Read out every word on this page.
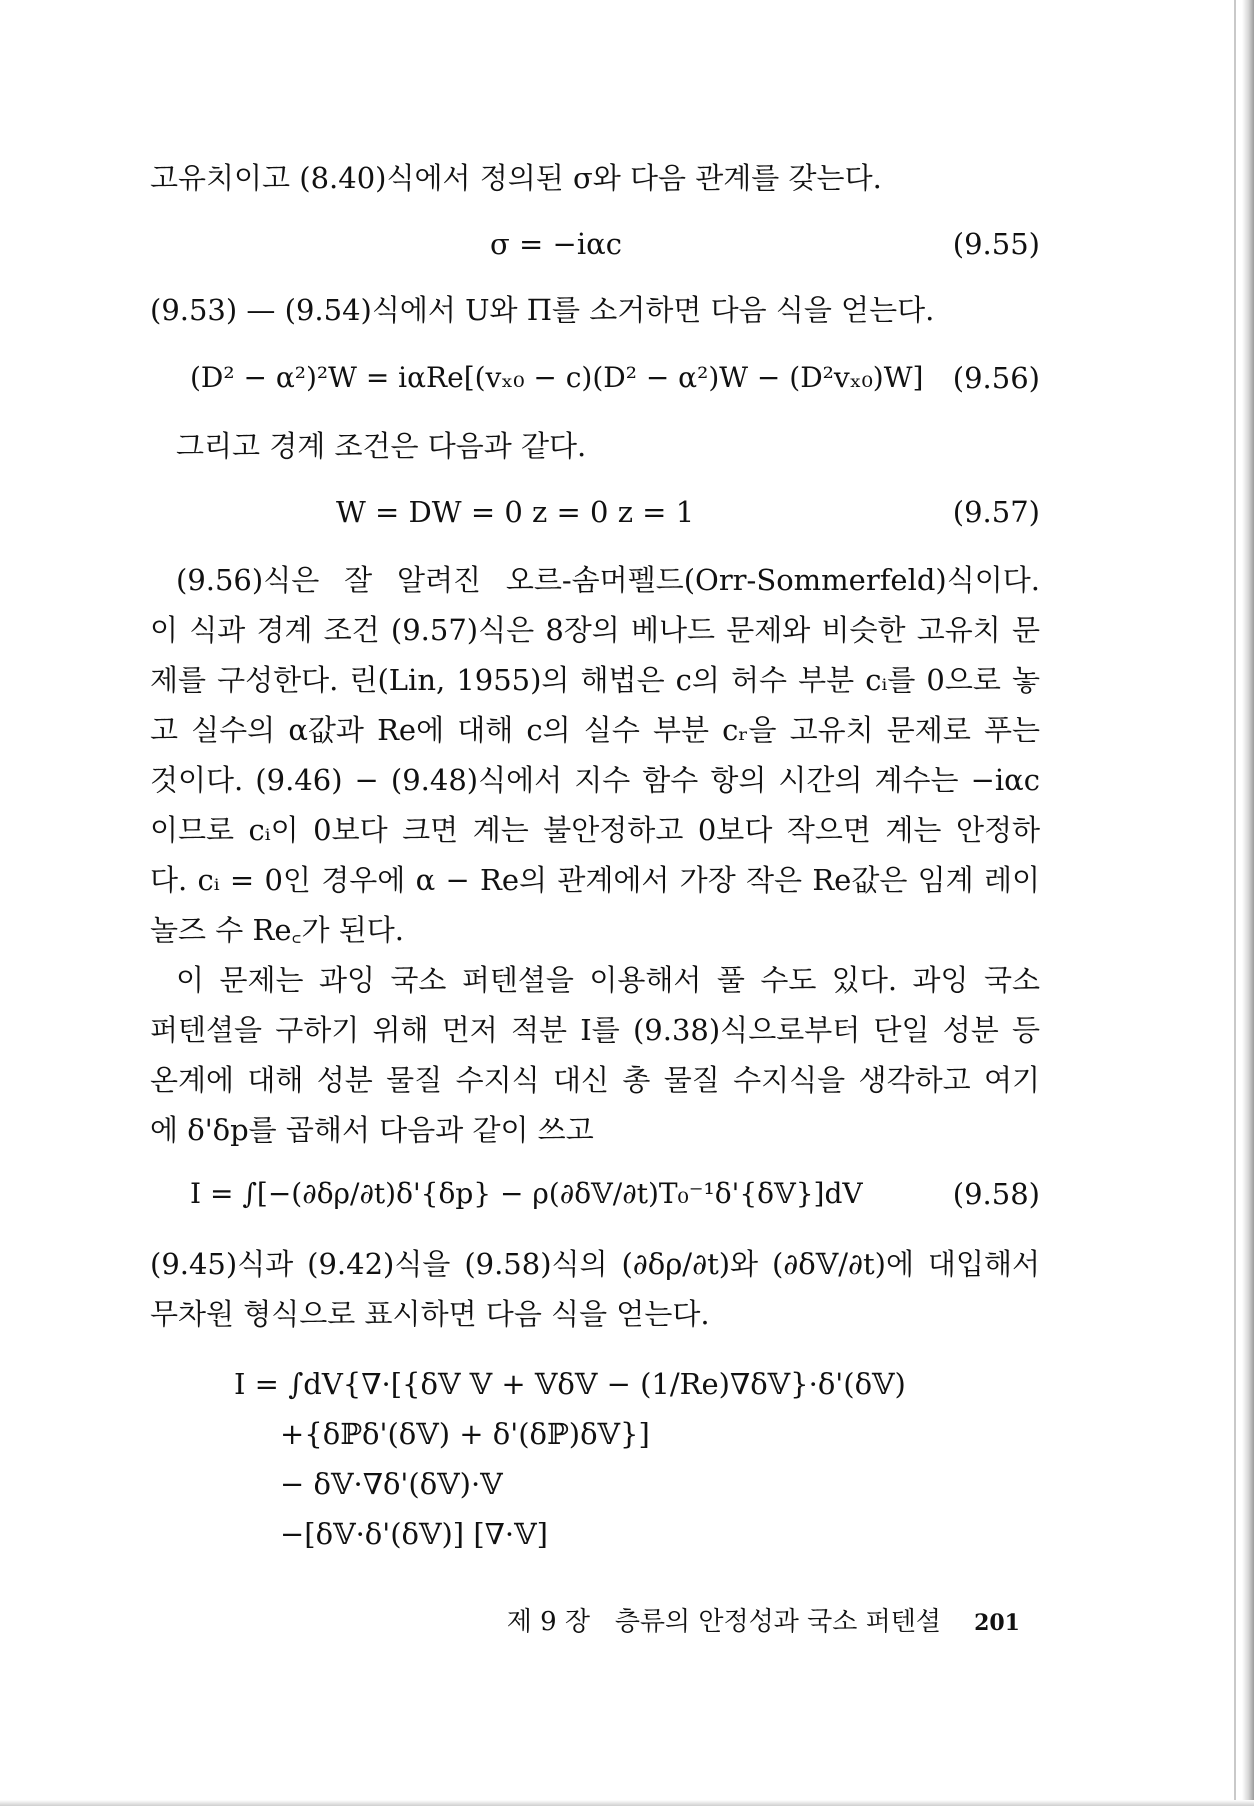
고유치이고 (8.40)식에서 정의된 σ와 다음 관계를 갖는다.
σ = −iαc	(9.55)
(9.53) — (9.54)식에서 U와 Π를 소거하면 다음 식을 얻는다.
(D² − α²)²W = iαRe[(vₓ₀ − c)(D² − α²)W − (D²vₓ₀)W] (9.56)
그리고 경계 조건은 다음과 같다.
W = DW = 0 z = 0 z = 1	(9.57)
(9.56)식은 잘 알려진 오르-솜머펠드(Orr-Sommerfeld)식이다.
이 식과 경계 조건 (9.57)식은 8장의 베나드 문제와 비슷한 고유치 문
제를 구성한다. 린(Lin, 1955)의 해법은 c의 허수 부분 cᵢ를 0으로 놓
고 실수의 α값과 Re에 대해 c의 실수 부분 cᵣ을 고유치 문제로 푸는
것이다. (9.46) − (9.48)식에서 지수 함수 항의 시간의 계수는 −iαc
이므로 cᵢ이 0보다 크면 계는 불안정하고 0보다 작으면 계는 안정하
다. cᵢ = 0인 경우에 α − Re의 관계에서 가장 작은 Re값은 임계 레이
놀즈 수 Re꜀가 된다.
이 문제는 과잉 국소 퍼텐셜을 이용해서 풀 수도 있다. 과잉 국소
퍼텐셜을 구하기 위해 먼저 적분 I를 (9.38)식으로부터 단일 성분 등
온계에 대해 성분 물질 수지식 대신 총 물질 수지식을 생각하고 여기
에 δ'δp를 곱해서 다음과 같이 쓰고
I = ∫[−(∂δρ/∂t)δ'{δp} − ρ(∂δ𝕍/∂t)T₀⁻¹δ'{δ𝕍}]dV	(9.58)
(9.45)식과 (9.42)식을 (9.58)식의 (∂δρ/∂t)와 (∂δ𝕍/∂t)에 대입해서
무차원 형식으로 표시하면 다음 식을 얻는다.
I = ∫dV{∇·[{δ𝕍 𝕍 + 𝕍δ𝕍 − (1/Re)∇δ𝕍}·δ'(δ𝕍)
+{δℙδ'(δ𝕍) + δ'(δℙ)δ𝕍}]
− δ𝕍·∇δ'(δ𝕍)·𝕍
−[δ𝕍·δ'(δ𝕍)] [∇·𝕍]
제 9 장 층류의 안정성과 국소 퍼텐셜 201
